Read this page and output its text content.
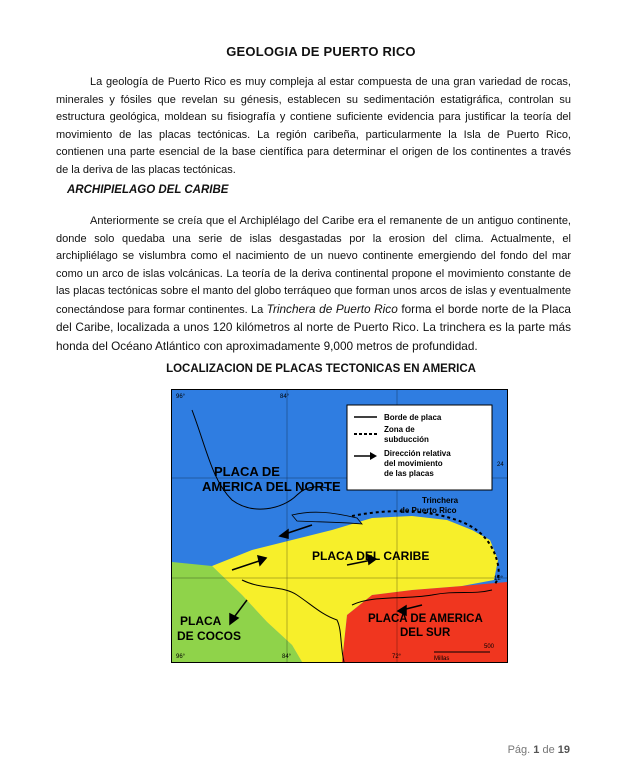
GEOLOGIA DE PUERTO RICO

La geología de Puerto Rico es muy compleja al estar compuesta de una gran variedad de rocas, minerales y fósiles que revelan su génesis, establecen su sedimentación estatigráfica, controlan su estructura geológica, moldean su fisiografía y contiene suficiente evidencia para justificar la teoría del movimiento de las placas tectónicas. La región caribeña, particularmente la Isla de Puerto Rico, contienen una parte esencial de la base científica para determinar el origen de los continentes a través de la deriva de las placas tectónicas.

ARCHIPIELAGO DEL CARIBE

Anteriormente se creía que el Archiplélago del Caribe era el remanente de un antiguo continente, donde solo quedaba una serie de islas desgastadas por la erosion del clima. Actualmente, el archipliélago se vislumbra como el nacimiento de un nuevo continente emergiendo del fondo del mar como un arco de islas volcánicas. La teoría de la deriva continental propone el movimiento constante de las placas tectónicas sobre el manto del globo terráqueo que forman unos arcos de islas y eventualmente conectándose para formar continentes. La Trinchera de Puerto Rico forma el borde norte de la Placa del Caribe, localizada a unos 120 kilómetros al norte de Puerto Rico. La trinchera es la parte más honda del Océano Atlántico con aproximadamente 9,000 metros de profundidad.

LOCALIZACION DE PLACAS TECTONICAS EN AMERICA
Borde de placa
Zona de
subducción
Dirección relativa
del movimiento
de las placas
Trinchera
de Puerto Rico
PLACA DE
AMERICA DEL NORTE
PLACA DEL CARIBE
PLACA
DE COCOS
PLACA DE AMERICA
DEL SUR
96°	84°
24
12°
96°	84°	72°
500
Millas
Pág. 1 de 19
